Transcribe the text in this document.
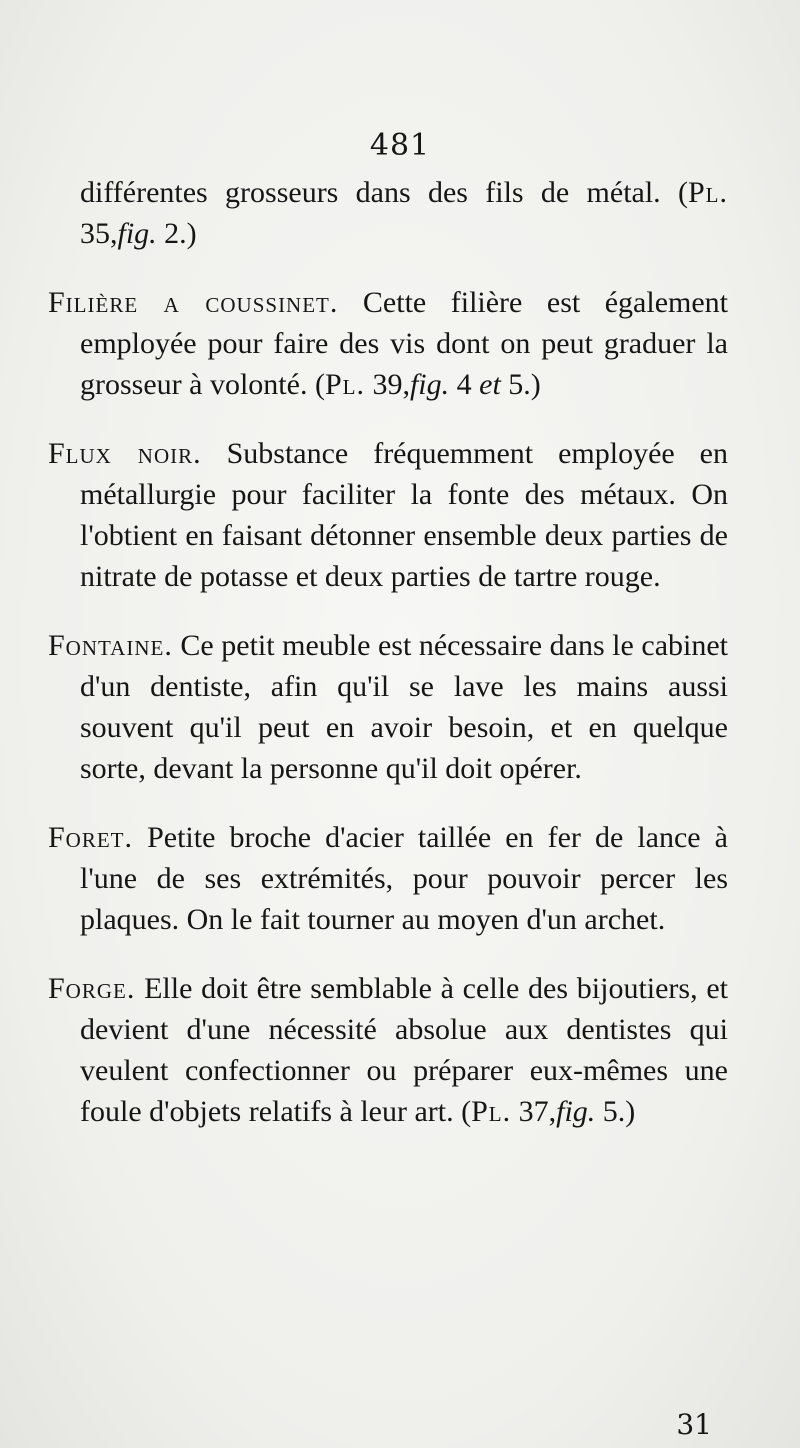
481

différentes grosseurs dans des fils de métal. (Pl. 35,fig. 2.)

Filière a coussinet. Cette filière est également employée pour faire des vis dont on peut graduer la grosseur à volonté. (Pl. 39,fig. 4 et 5.)

Flux noir. Substance fréquemment employée en métallurgie pour faciliter la fonte des métaux. On l'obtient en faisant détonner ensemble deux parties de nitrate de potasse et deux parties de tartre rouge.

Fontaine. Ce petit meuble est nécessaire dans le cabinet d'un dentiste, afin qu'il se lave les mains aussi souvent qu'il peut en avoir besoin, et en quelque sorte, devant la personne qu'il doit opérer.

Foret. Petite broche d'acier taillée en fer de lance à l'une de ses extrémités, pour pouvoir percer les plaques. On le fait tourner au moyen d'un archet.

Forge. Elle doit être semblable à celle des bijoutiers, et devient d'une nécessité absolue aux dentistes qui veulent confectionner ou préparer eux-mêmes une foule d'objets relatifs à leur art. (Pl. 37,fig. 5.)

31
